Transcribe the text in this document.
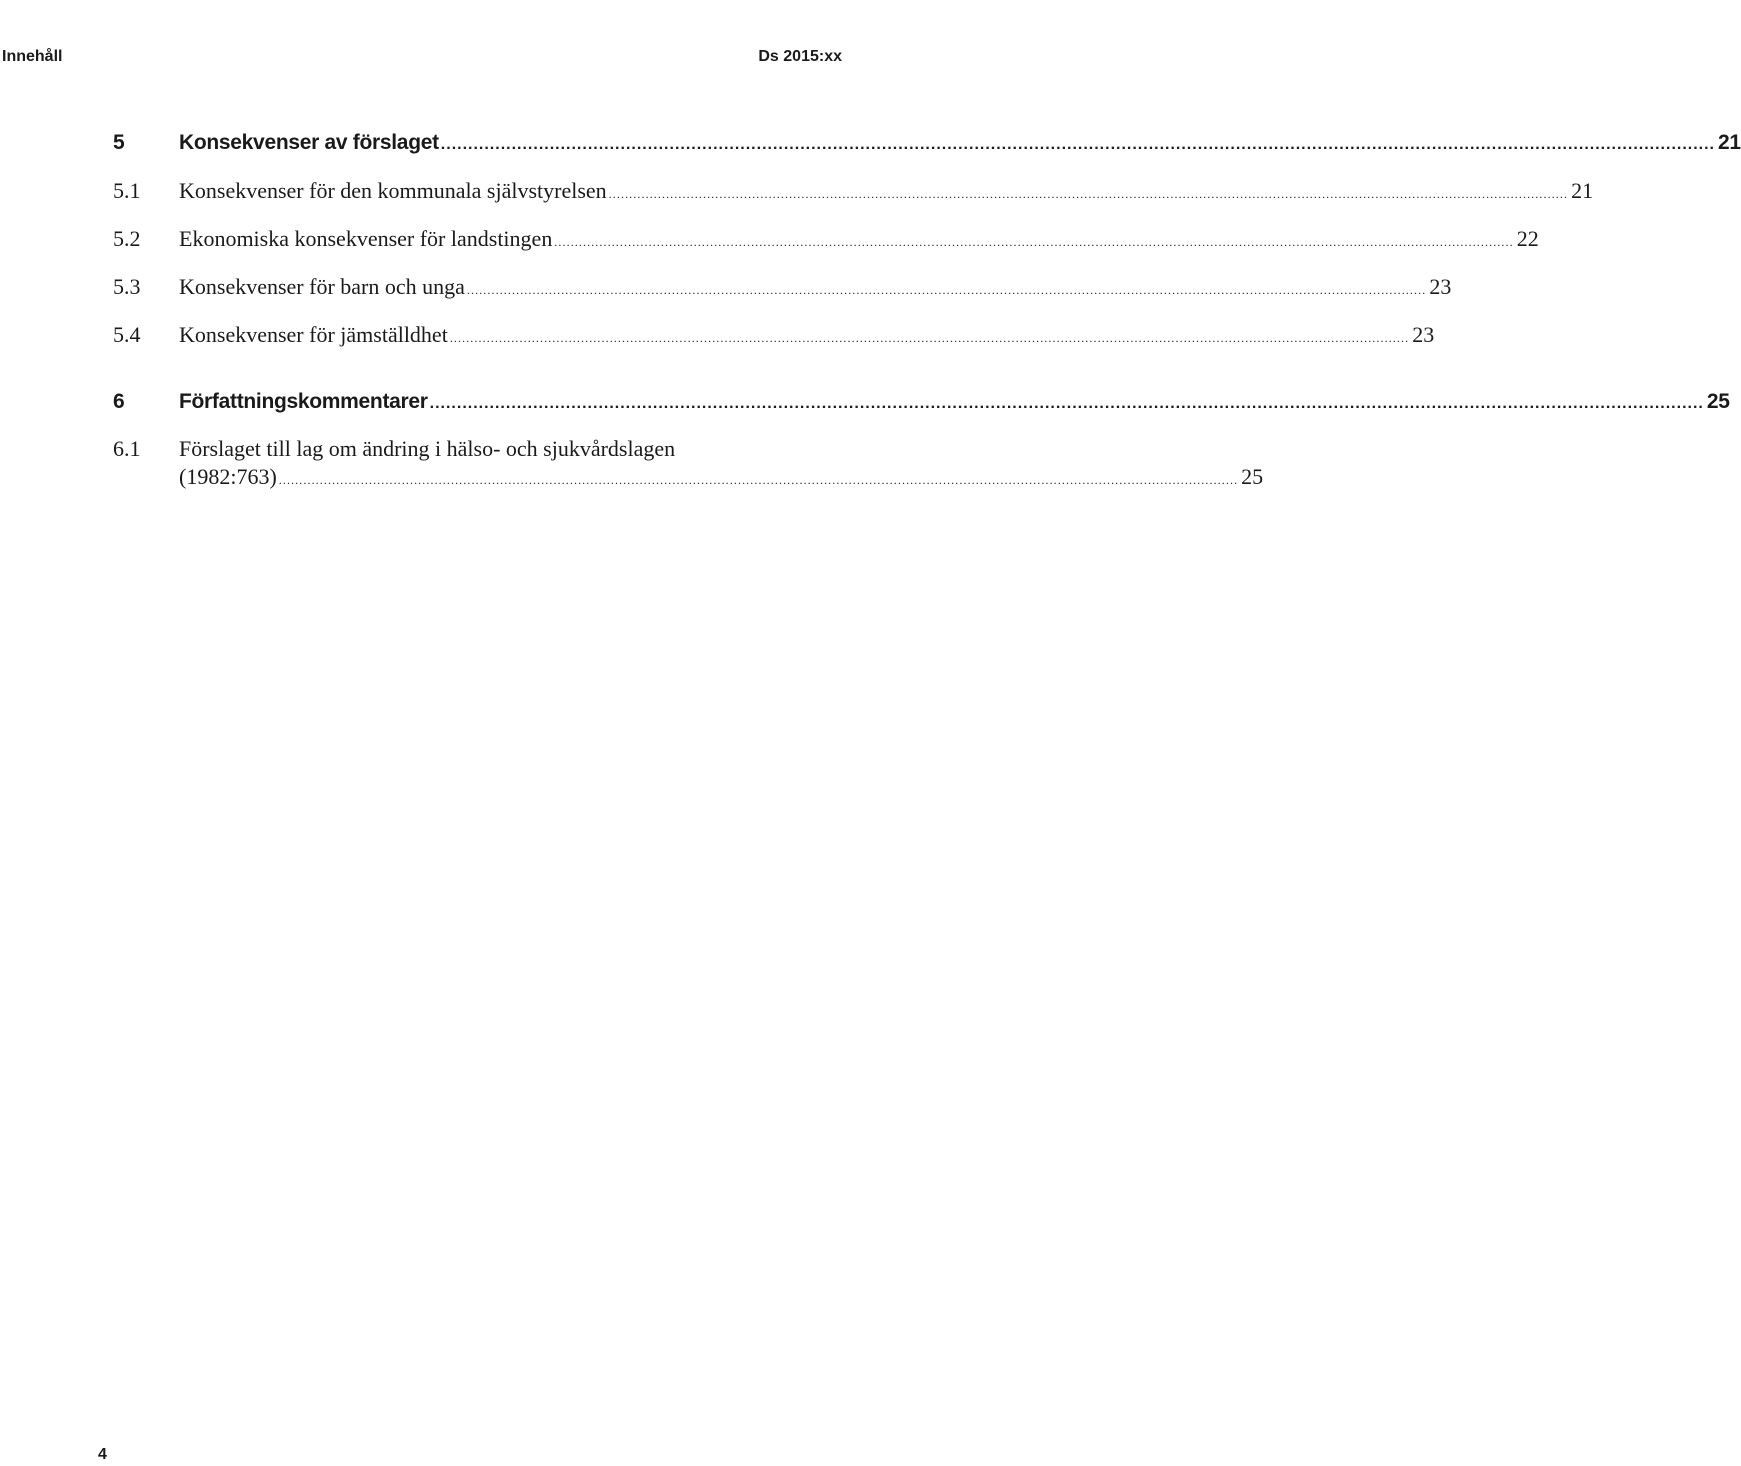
Innehåll	Ds 2015:xx
5	Konsekvenser av förslaget .......................................................................................................................................................................................................................................... 21
5.1	Konsekvenser för den kommunala självstyrelsen .......................................................................................................................................................................................................................................... 21
5.2	Ekonomiska konsekvenser för landstingen .......................................................................................................................................................................................................................................... 22
5.3	Konsekvenser för barn och unga .......................................................................................................................................................................................................................................... 23
5.4	Konsekvenser för jämställdhet .......................................................................................................................................................................................................................................... 23
6	Författningskommentarer .......................................................................................................................................................................................................................................... 25
6.1	Förslaget till lag om ändring i hälso- och sjukvårdslagen
(1982:763) .......................................................................................................................................................................................................................................... 25
4
